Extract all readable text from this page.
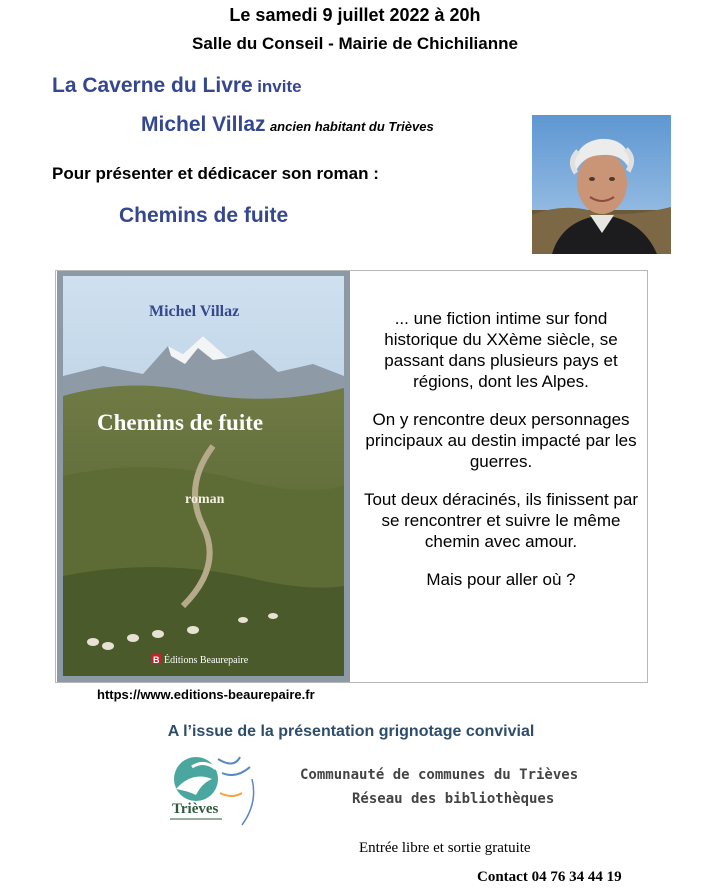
Le samedi 9 juillet 2022 à 20h
Salle du Conseil - Mairie de Chichilianne
La Caverne du Livre invite
Michel Villaz ancien habitant du Trièves
Pour présenter et dédicacer son roman :
Chemins de fuite
Michel Villaz
Chemins de fuite
roman
B Éditions Beaurepaire

... une fiction intime sur fond historique du XXème siècle, se passant dans plusieurs pays et régions, dont les Alpes.

On y rencontre deux personnages principaux au destin impacté par les guerres.

Tout deux déracinés, ils finissent par se rencontrer et suivre le même chemin avec amour.

Mais pour aller où ?

https://www.editions-beaurepaire.fr
A l’issue de la présentation grignotage convivial
Trièves
Communauté de communes du Trièves
Réseau des bibliothèques
Entrée libre et sortie gratuite
Contact 04 76 34 44 19
